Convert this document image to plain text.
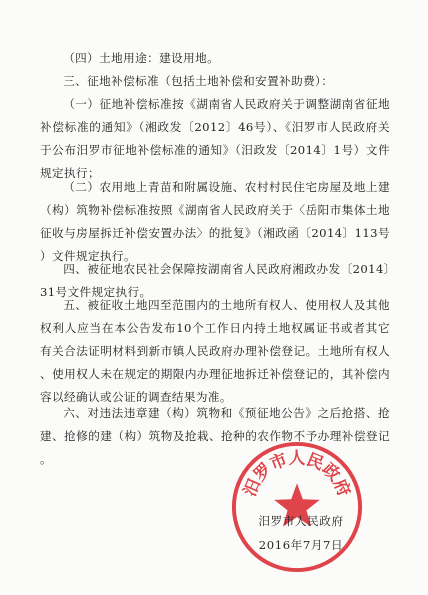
（四）土地用途：建设用地。

三、征地补偿标准（包括土地补偿和安置补助费）：

（一）征地补偿标准按《湖南省人民政府关于调整湖南省征地补偿标准的通知》（湘政发〔2012〕46号）、《汨罗市人民政府关于公布汨罗市征地补偿标准的通知》（汨政发〔2014〕1号）文件规定执行；

（二）农用地上青苗和附属设施、农村村民住宅房屋及地上建（构）筑物补偿标准按照《湖南省人民政府关于〈岳阳市集体土地征收与房屋拆迁补偿安置办法〉的批复》（湘政函〔2014〕113号）文件规定执行。

四、被征地农民社会保障按湖南省人民政府湘政办发〔2014〕31号文件规定执行。

五、被征收土地四至范围内的土地所有权人、使用权人及其他权利人应当在本公告发布10个工作日内持土地权属证书或者其它有关合法证明材料到新市镇人民政府办理补偿登记。土地所有权人、使用权人未在规定的期限内办理征地拆迁补偿登记的，其补偿内容以经确认或公证的调查结果为准。

六、对违法违章建（构）筑物和《预征地公告》之后抢搭、抢建、抢修的建（构）筑物及抢栽、抢种的农作物不予办理补偿登记。

汨罗市人民政府
汨罗市人民政府
2016年7月7日
